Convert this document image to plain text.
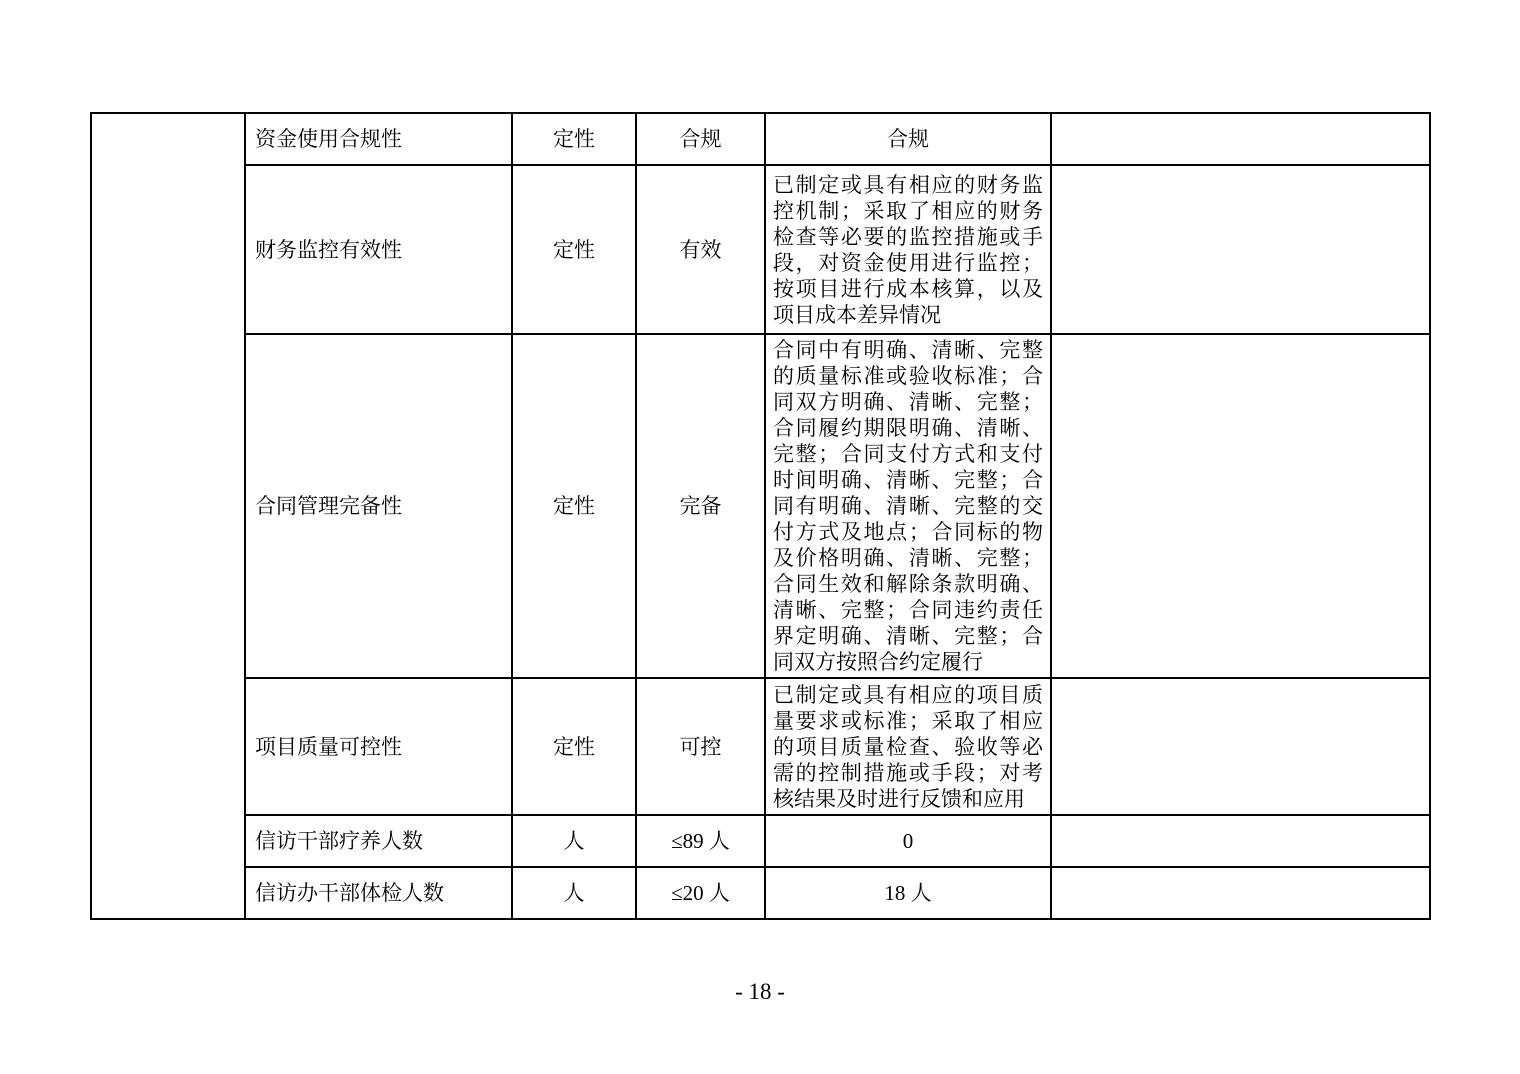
	资金使用合规性	定性	合规	合规	
	财务监控有效性	定性	有效	已制定或具有相应的财务监控机制；采取了相应的财务检查等必要的监控措施或手段，对资金使用进行监控；按项目进行成本核算，以及项目成本差异情况	
	合同管理完备性	定性	完备	合同中有明确、清晰、完整的质量标准或验收标准；合同双方明确、清晰、完整；合同履约期限明确、清晰、完整；合同支付方式和支付时间明确、清晰、完整；合同有明确、清晰、完整的交付方式及地点；合同标的物及价格明确、清晰、完整；合同生效和解除条款明确、清晰、完整；合同违约责任界定明确、清晰、完整；合同双方按照合约定履行	
	项目质量可控性	定性	可控	已制定或具有相应的项目质量要求或标准；采取了相应的项目质量检查、验收等必需的控制措施或手段；对考核结果及时进行反馈和应用	
	信访干部疗养人数	人	≤89 人	0	
	信访办干部体检人数	人	≤20 人	18 人	
- 18 -
